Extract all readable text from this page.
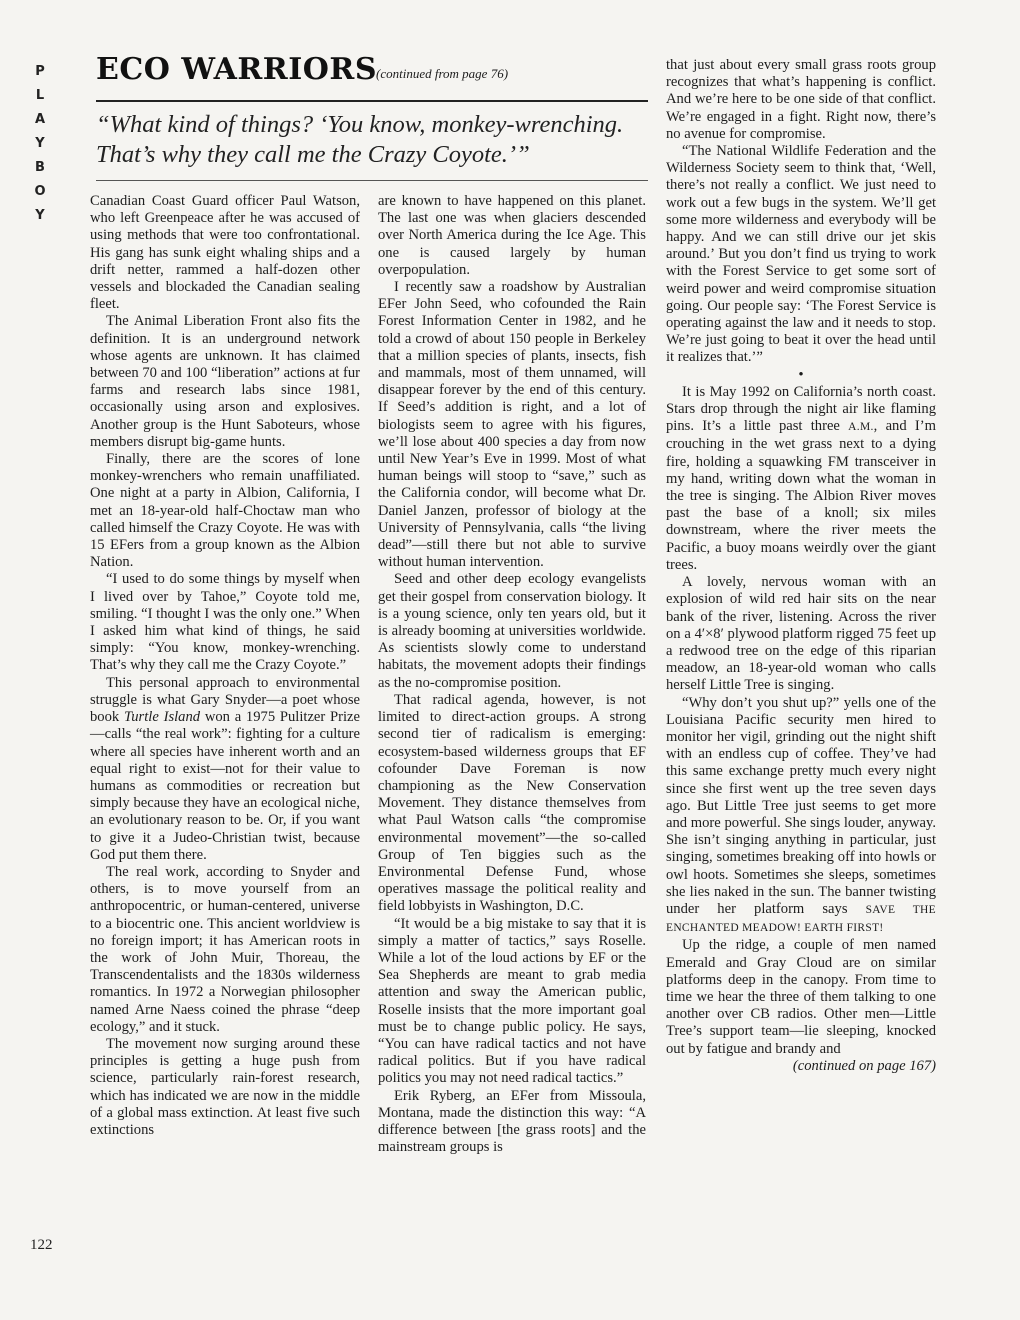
P
L
A
Y
B
O
Y
122
ECO WARRIORS (continued from page 76)
“What kind of things? ‘You know, monkey-wrenching. That’s why they call me the Crazy Coyote.’”

Canadian Coast Guard officer Paul Watson, who left Greenpeace after he was accused of using methods that were too confrontational. His gang has sunk eight whaling ships and a drift netter, rammed a half-dozen other vessels and blockaded the Canadian sealing fleet.

The Animal Liberation Front also fits the definition. It is an underground network whose agents are unknown. It has claimed between 70 and 100 “liberation” actions at fur farms and research labs since 1981, occasionally using arson and explosives. Another group is the Hunt Saboteurs, whose members disrupt big-game hunts.

Finally, there are the scores of lone monkey-wrenchers who remain unaffiliated. One night at a party in Albion, California, I met an 18-year-old half-Choctaw man who called himself the Crazy Coyote. He was with 15 EFers from a group known as the Albion Nation.

“I used to do some things by myself when I lived over by Tahoe,” Coyote told me, smiling. “I thought I was the only one.” When I asked him what kind of things, he said simply: “You know, monkey-wrenching. That’s why they call me the Crazy Coyote.”

This personal approach to environmental struggle is what Gary Snyder—a poet whose book Turtle Island won a 1975 Pulitzer Prize—calls “the real work”: fighting for a culture where all species have inherent worth and an equal right to exist—not for their value to humans as commodities or recreation but simply because they have an ecological niche, an evolutionary reason to be. Or, if you want to give it a Judeo-Christian twist, because God put them there.

The real work, according to Snyder and others, is to move yourself from an anthropocentric, or human-centered, universe to a biocentric one. This ancient worldview is no foreign import; it has American roots in the work of John Muir, Thoreau, the Transcendentalists and the 1830s wilderness romantics. In 1972 a Norwegian philosopher named Arne Naess coined the phrase “deep ecology,” and it stuck.

The movement now surging around these principles is getting a huge push from science, particularly rain-forest research, which has indicated we are now in the middle of a global mass extinction. At least five such extinctions

are known to have happened on this planet. The last one was when glaciers descended over North America during the Ice Age. This one is caused largely by human overpopulation.

I recently saw a roadshow by Australian EFer John Seed, who cofounded the Rain Forest Information Center in 1982, and he told a crowd of about 150 people in Berkeley that a million species of plants, insects, fish and mammals, most of them unnamed, will disappear forever by the end of this century. If Seed’s addition is right, and a lot of biologists seem to agree with his figures, we’ll lose about 400 species a day from now until New Year’s Eve in 1999. Most of what human beings will stoop to “save,” such as the California condor, will become what Dr. Daniel Janzen, professor of biology at the University of Pennsylvania, calls “the living dead”—still there but not able to survive without human intervention.

Seed and other deep ecology evangelists get their gospel from conservation biology. It is a young science, only ten years old, but it is already booming at universities worldwide. As scientists slowly come to understand habitats, the movement adopts their findings as the no-compromise position.

That radical agenda, however, is not limited to direct-action groups. A strong second tier of radicalism is emerging: ecosystem-based wilderness groups that EF cofounder Dave Foreman is now championing as the New Conservation Movement. They distance themselves from what Paul Watson calls “the compromise environmental movement”—the so-called Group of Ten biggies such as the Environmental Defense Fund, whose operatives massage the political reality and field lobbyists in Washington, D.C.

“It would be a big mistake to say that it is simply a matter of tactics,” says Roselle. While a lot of the loud actions by EF or the Sea Shepherds are meant to grab media attention and sway the American public, Roselle insists that the more important goal must be to change public policy. He says, “You can have radical tactics and not have radical politics. But if you have radical politics you may not need radical tactics.”

Erik Ryberg, an EFer from Missoula, Montana, made the distinction this way: “A difference between [the grass roots] and the mainstream groups is

that just about every small grass roots group recognizes that what’s happening is conflict. And we’re here to be one side of that conflict. We’re engaged in a fight. Right now, there’s no avenue for compromise.

“The National Wildlife Federation and the Wilderness Society seem to think that, ‘Well, there’s not really a conflict. We just need to work out a few bugs in the system. We’ll get some more wilderness and everybody will be happy. And we can still drive our jet skis around.’ But you don’t find us trying to work with the Forest Service to get some sort of weird power and weird compromise situation going. Our people say: ‘The Forest Service is operating against the law and it needs to stop. We’re just going to beat it over the head until it realizes that.’”

•

It is May 1992 on California’s north coast. Stars drop through the night air like flaming pins. It’s a little past three A.M., and I’m crouching in the wet grass next to a dying fire, holding a squawking FM transceiver in my hand, writing down what the woman in the tree is singing. The Albion River moves past the base of a knoll; six miles downstream, where the river meets the Pacific, a buoy moans weirdly over the giant trees.

A lovely, nervous woman with an explosion of wild red hair sits on the near bank of the river, listening. Across the river on a 4′×8′ plywood platform rigged 75 feet up a redwood tree on the edge of this riparian meadow, an 18-year-old woman who calls herself Little Tree is singing.

“Why don’t you shut up?” yells one of the Louisiana Pacific security men hired to monitor her vigil, grinding out the night shift with an endless cup of coffee. They’ve had this same exchange pretty much every night since she first went up the tree seven days ago. But Little Tree just seems to get more and more powerful. She sings louder, anyway. She isn’t singing anything in particular, just singing, sometimes breaking off into howls or owl hoots. Sometimes she sleeps, sometimes she lies naked in the sun. The banner twisting under her platform says SAVE THE ENCHANTED MEADOW! EARTH FIRST!

Up the ridge, a couple of men named Emerald and Gray Cloud are on similar platforms deep in the canopy. From time to time we hear the three of them talking to one another over CB radios. Other men—Little Tree’s support team—lie sleeping, knocked out by fatigue and brandy and

(continued on page 167)
